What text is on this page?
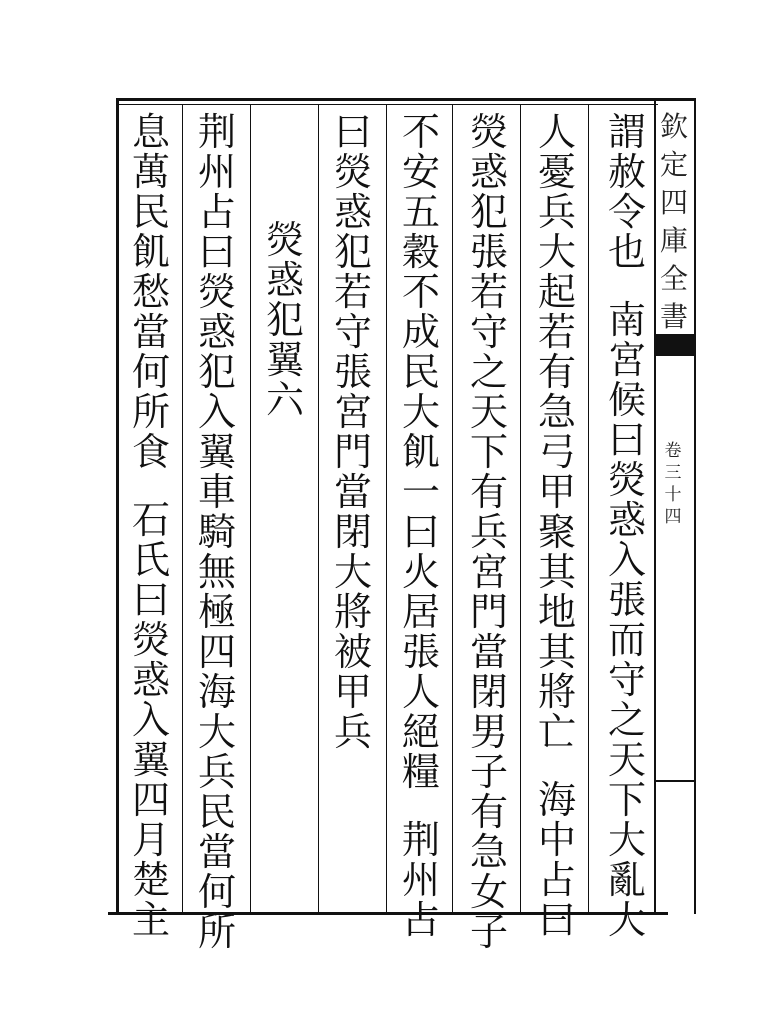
欽
定
四
庫
全
書
卷
三
十
四
謂
赦
令
也
南
宮
候
曰
熒
惑
入
張
而
守
之
天
下
大
亂
大
人
憂
兵
大
起
若
有
急
弓
甲
聚
其
地
其
將
亡
海
中
占
曰
熒
惑
犯
張
若
守
之
天
下
有
兵
宮
門
當
閉
男
子
有
急
女
子
不
安
五
穀
不
成
民
大
飢
一
曰
火
居
張
人
絕
糧
荆
州
占
曰
熒
惑
犯
若
守
張
宮
門
當
閉
大
將
被
甲
兵
熒
惑
犯
翼
六
荆
州
占
曰
熒
惑
犯
入
翼
車
騎
無
極
四
海
大
兵
民
當
何
所
息
萬
民
飢
愁
當
何
所
食
石
氏
曰
熒
惑
入
翼
四
月
楚
主
